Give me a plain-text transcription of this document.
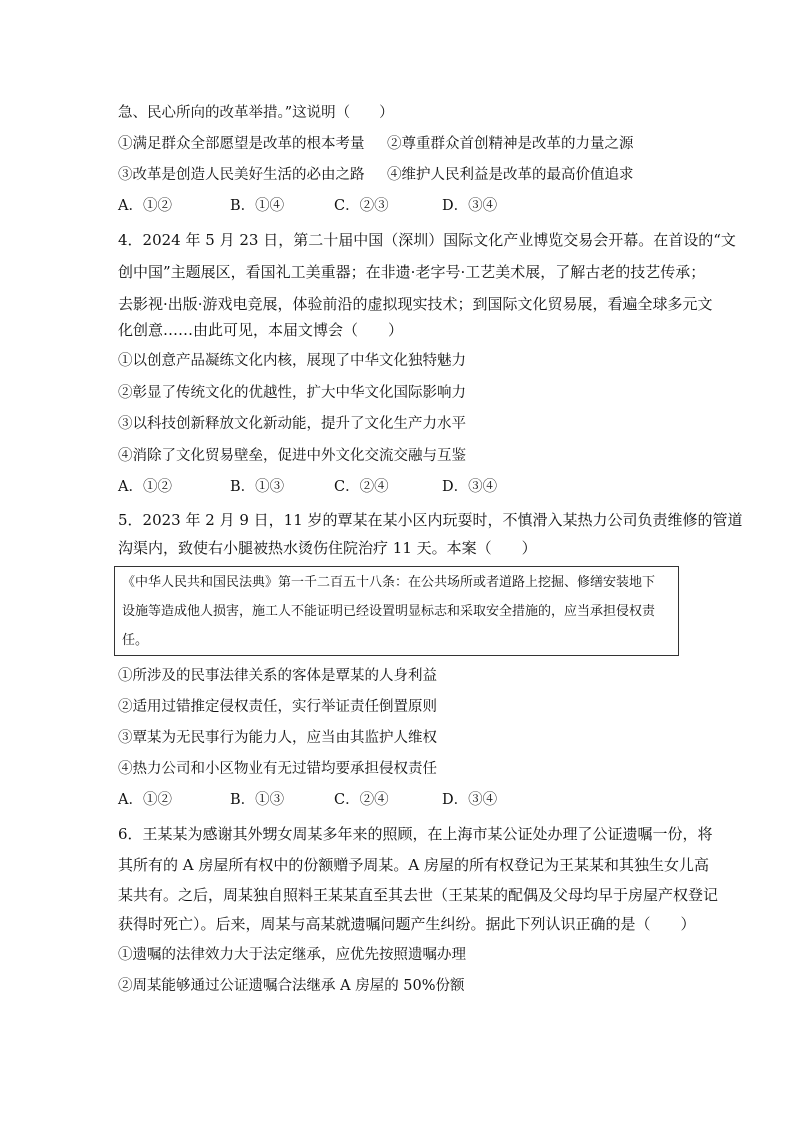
急、民心所向的改革举措。”这说明（　　）
①满足群众全部愿望是改革的根本考量 ②尊重群众首创精神是改革的力量之源
③改革是创造人民美好生活的必由之路 ④维护人民利益是改革的最高价值追求
A．①②	B．①④	C．②③	D．③④
4．2024 年 5 月 23 日，第二十届中国（深圳）国际文化产业博览交易会开幕。在首设的“文
创中国”主题展区，看国礼工美重器；在非遗·老字号·工艺美术展，了解古老的技艺传承；
去影视·出版·游戏电竞展，体验前沿的虚拟现实技术；到国际文化贸易展，看遍全球多元文
化创意……由此可见，本届文博会（　　）
①以创意产品凝练文化内核，展现了中华文化独特魅力
②彰显了传统文化的优越性，扩大中华文化国际影响力
③以科技创新释放文化新动能，提升了文化生产力水平
④消除了文化贸易壁垒，促进中外文化交流交融与互鉴
A．①②	B．①③	C．②④	D．③④
5．2023 年 2 月 9 日，11 岁的覃某在某小区内玩耍时，不慎滑入某热力公司负责维修的管道
沟渠内，致使右小腿被热水烫伤住院治疗 11 天。本案（　　）
《中华人民共和国民法典》第一千二百五十八条：在公共场所或者道路上挖掘、修缮安装地下
设施等造成他人损害，施工人不能证明已经设置明显标志和采取安全措施的，应当承担侵权责
任。
①所涉及的民事法律关系的客体是覃某的人身利益
②适用过错推定侵权责任，实行举证责任倒置原则
③覃某为无民事行为能力人，应当由其监护人维权
④热力公司和小区物业有无过错均要承担侵权责任
A．①②	B．①③	C．②④	D．③④
6．王某某为感谢其外甥女周某多年来的照顾，在上海市某公证处办理了公证遗嘱一份，将
其所有的 A 房屋所有权中的份额赠予周某。A 房屋的所有权登记为王某某和其独生女儿高
某共有。之后，周某独自照料王某某直至其去世（王某某的配偶及父母均早于房屋产权登记
获得时死亡）。后来，周某与高某就遗嘱问题产生纠纷。据此下列认识正确的是（　　）
①遗嘱的法律效力大于法定继承，应优先按照遗嘱办理
②周某能够通过公证遗嘱合法继承 A 房屋的 50%份额
